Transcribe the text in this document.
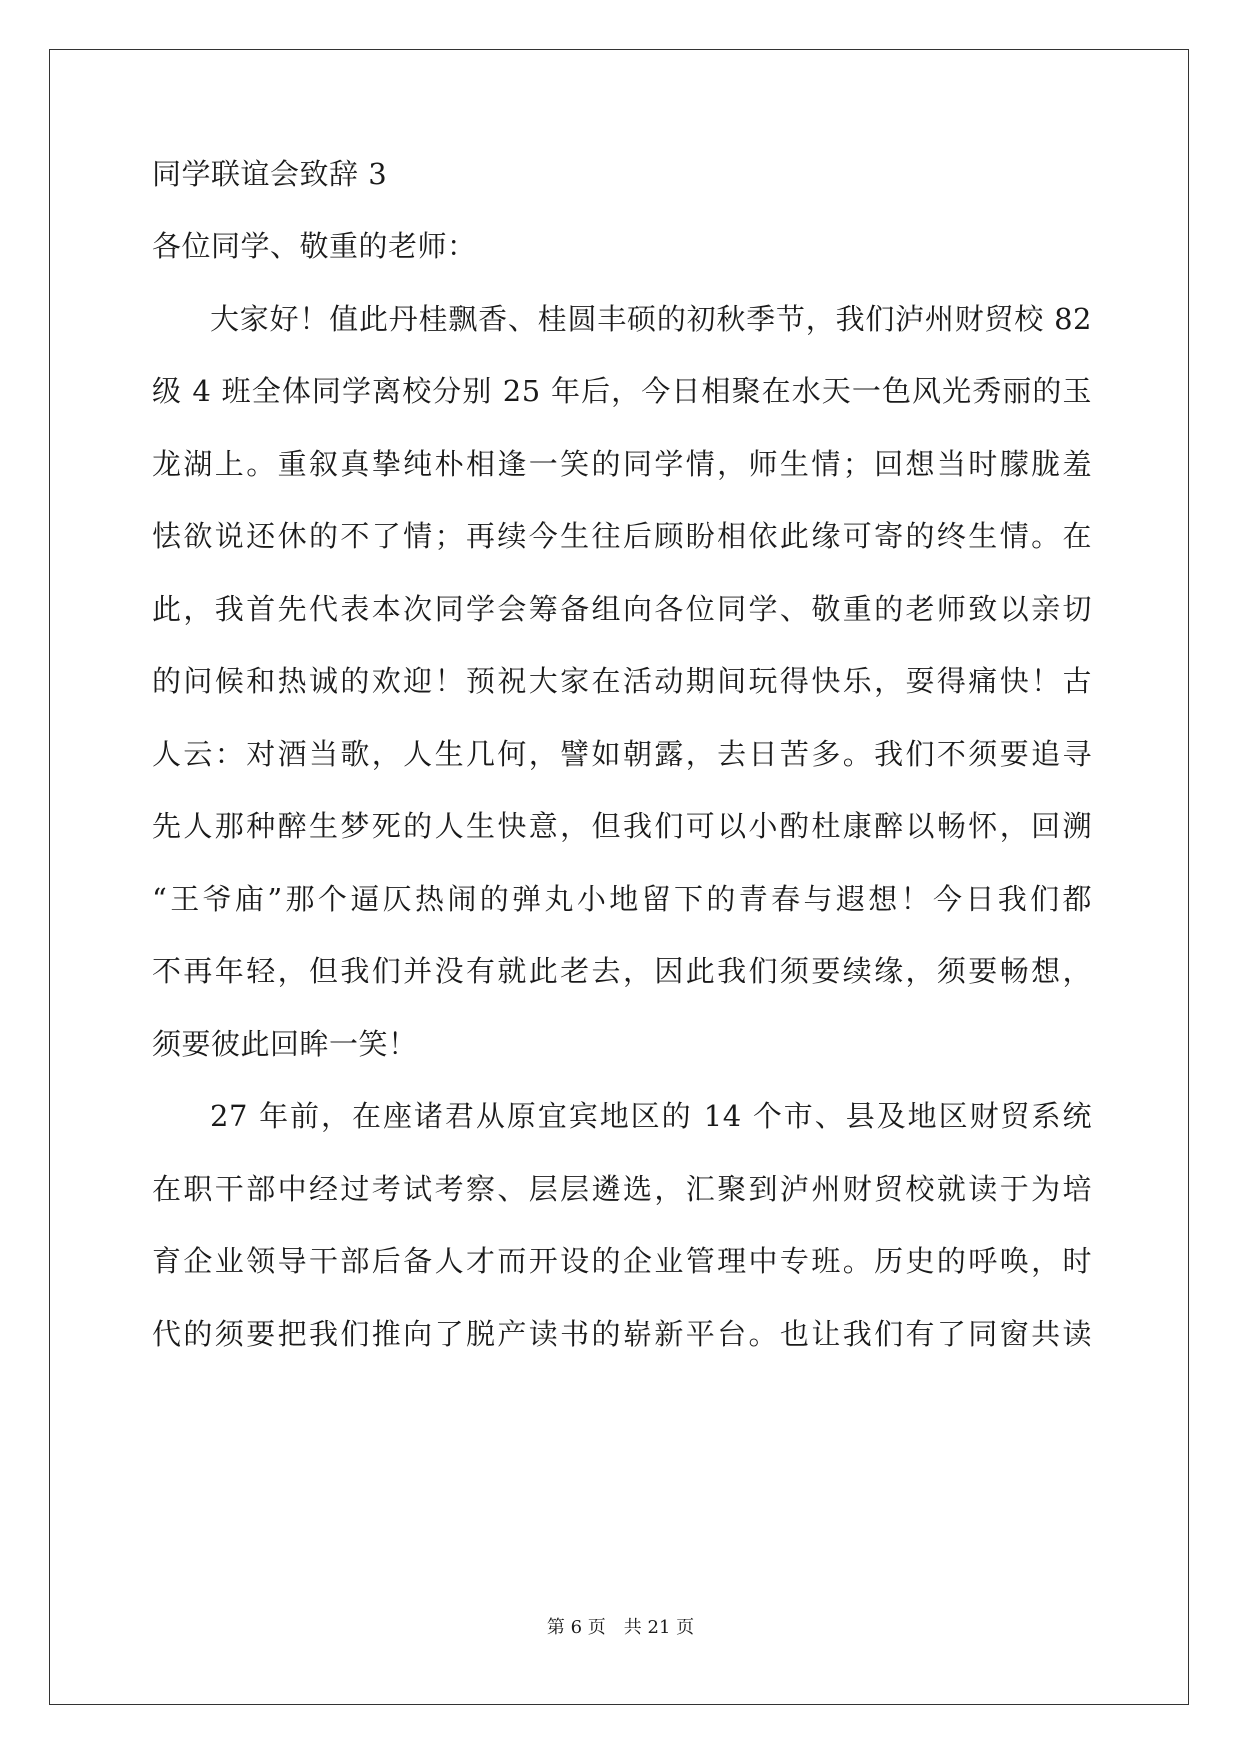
同学联谊会致辞 3
各位同学、敬重的老师：
大家好！值此丹桂飘香、桂圆丰硕的初秋季节，我们泸州财贸校 82
级 4 班全体同学离校分别 25 年后，今日相聚在水天一色风光秀丽的玉
龙湖上。重叙真挚纯朴相逢一笑的同学情，师生情；回想当时朦胧羞
怯欲说还休的不了情；再续今生往后顾盼相依此缘可寄的终生情。在
此，我首先代表本次同学会筹备组向各位同学、敬重的老师致以亲切
的问候和热诚的欢迎！预祝大家在活动期间玩得快乐，耍得痛快！古
人云：对酒当歌，人生几何，譬如朝露，去日苦多。我们不须要追寻
先人那种醉生梦死的人生快意，但我们可以小酌杜康醉以畅怀，回溯
“王爷庙”那个逼仄热闹的弹丸小地留下的青春与遐想！今日我们都
不再年轻，但我们并没有就此老去，因此我们须要续缘，须要畅想，
须要彼此回眸一笑！
27 年前，在座诸君从原宜宾地区的 14 个市、县及地区财贸系统
在职干部中经过考试考察、层层遴选，汇聚到泸州财贸校就读于为培
育企业领导干部后备人才而开设的企业管理中专班。历史的呼唤，时
代的须要把我们推向了脱产读书的崭新平台。也让我们有了同窗共读
第 6 页　共 21 页
